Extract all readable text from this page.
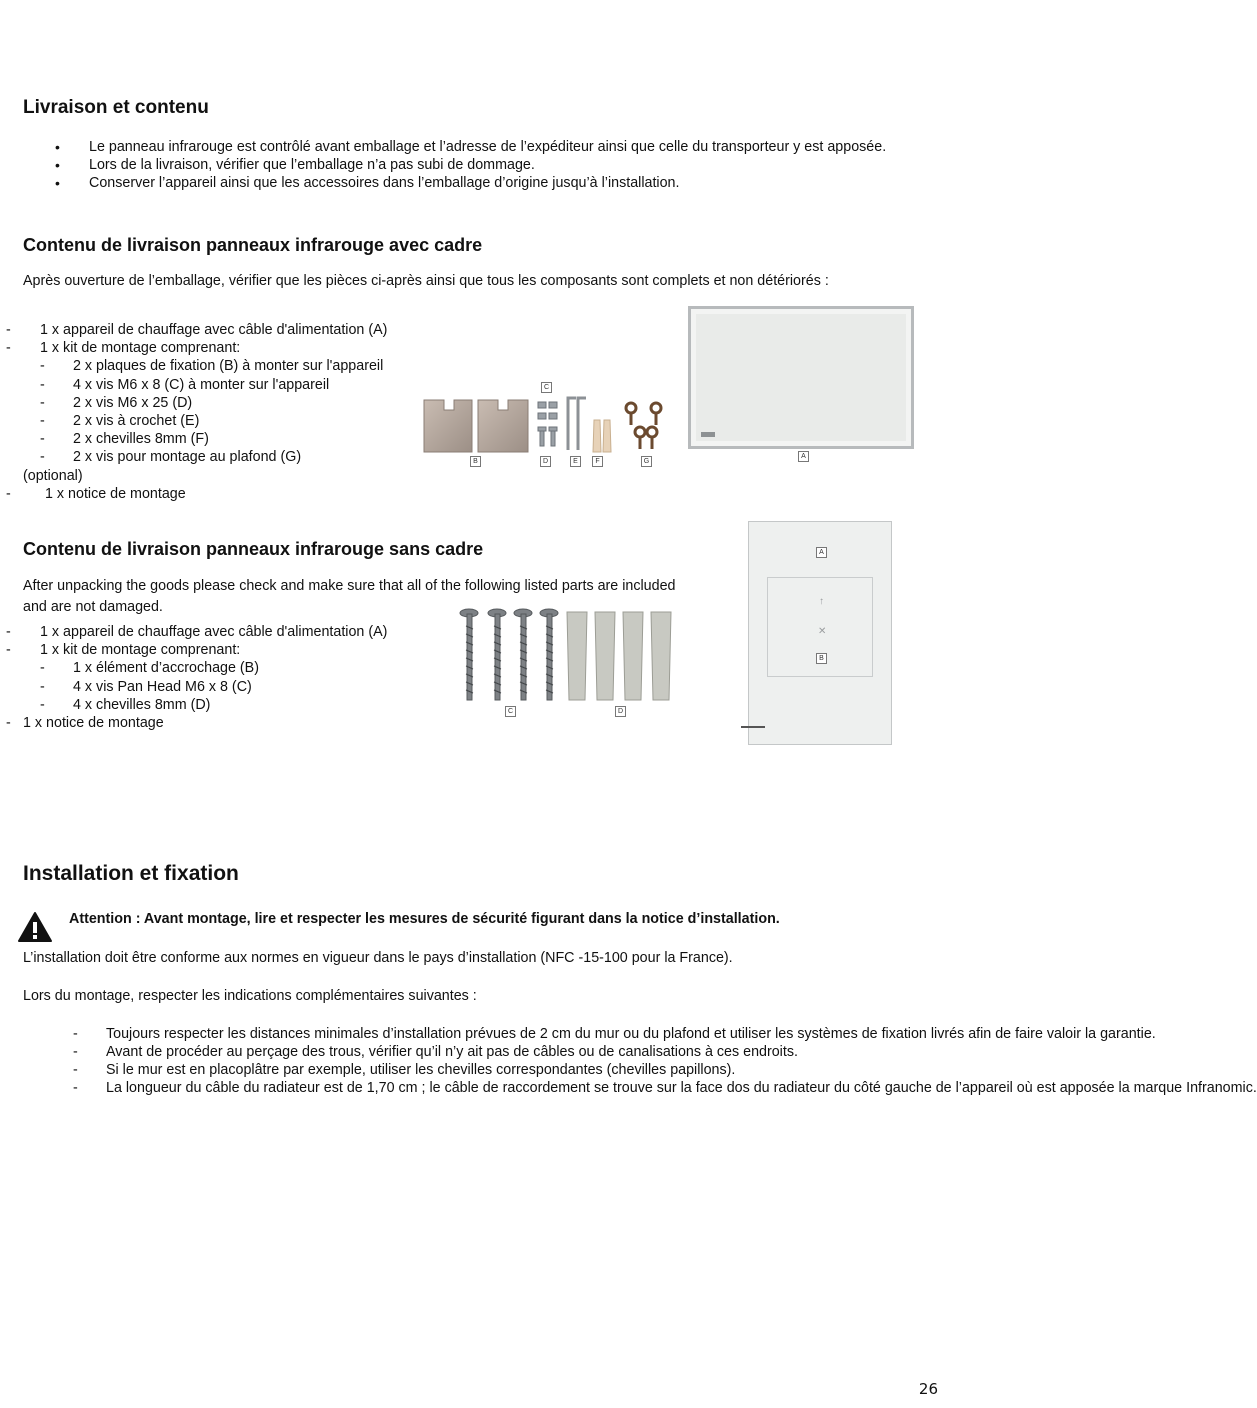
Livraison et contenu
• Le panneau infrarouge est contrôlé avant emballage et l’adresse de l’expéditeur ainsi que celle du transporteur y est apposée.
• Lors de la livraison, vérifier que l’emballage n’a pas subi de dommage.
• Conserver l’appareil ainsi que les accessoires dans l’emballage d’origine jusqu’à l’installation.
Contenu de livraison panneaux infrarouge avec cadre
Après ouverture de l’emballage, vérifier que les pièces ci-après ainsi que tous les composants sont complets et non détériorés :
- 1 x appareil de chauffage avec câble d'alimentation (A)
- 1 x kit de montage comprenant:
- 2 x plaques de fixation (B) à monter sur l'appareil
- 4 x vis M6 x 8 (C) à monter sur l'appareil
- 2 x vis M6 x 25 (D)
- 2 x vis à crochet (E)
- 2 x chevilles 8mm (F)
- 2 x vis pour montage au plafond (G)
(optional)
- 1 x notice de montage
C
B	D	E	F	G
A
Contenu de livraison panneaux infrarouge sans cadre
After unpacking the goods please check and make sure that all of the following listed parts are included and are not damaged.
- 1 x appareil de chauffage avec câble d'alimentation (A)
- 1 x kit de montage comprenant:
- 1 x élément d’accrochage (B)
- 4 x vis Pan Head M6 x 8 (C)
- 4 x chevilles 8mm (D)
- 1 x notice de montage
C	D
↑
✕
A
B
Installation et fixation
Attention : Avant montage, lire et respecter les mesures de sécurité figurant dans la notice d’installation.
L’installation doit être conforme aux normes en vigueur dans le pays d’installation (NFC -15-100 pour la France).
Lors du montage, respecter les indications complémentaires suivantes :
- Toujours respecter les distances minimales d’installation prévues de 2 cm du mur ou du plafond et utiliser les systèmes de fixation livrés afin de faire valoir la garantie.
- Avant de procéder au perçage des trous, vérifier qu’il n’y ait pas de câbles ou de canalisations à ces endroits.
- Si le mur est en placoplâtre par exemple, utiliser les chevilles correspondantes (chevilles papillons).
- La longueur du câble du radiateur est de 1,70 cm ; le câble de raccordement se trouve sur la face dos du radiateur du côté gauche de l’appareil où est apposée la marque Infranomic.
26
